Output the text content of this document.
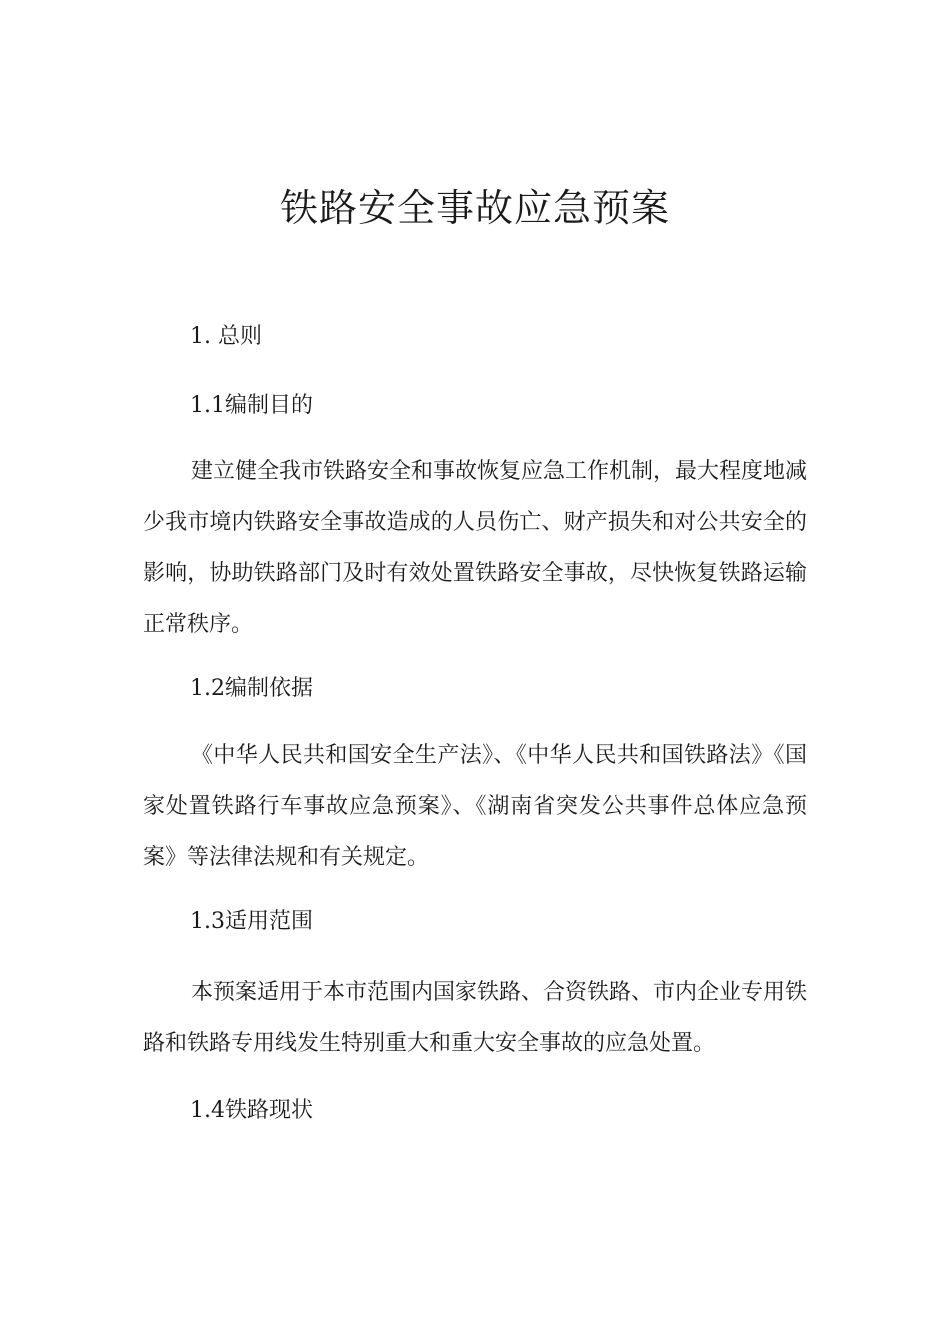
铁路安全事故应急预案

1. 总则

1.1编制目的

建立健全我市铁路安全和事故恢复应急工作机制，最大程度地减少我市境内铁路安全事故造成的人员伤亡、财产损失和对公共安全的影响，协助铁路部门及时有效处置铁路安全事故，尽快恢复铁路运输正常秩序。

1.2编制依据

《中华人民共和国安全生产法》、《中华人民共和国铁路法》《国家处置铁路行车事故应急预案》、《湖南省突发公共事件总体应急预案》等法律法规和有关规定。

1.3适用范围

本预案适用于本市范围内国家铁路、合资铁路、市内企业专用铁路和铁路专用线发生特别重大和重大安全事故的应急处置。

1.4铁路现状
